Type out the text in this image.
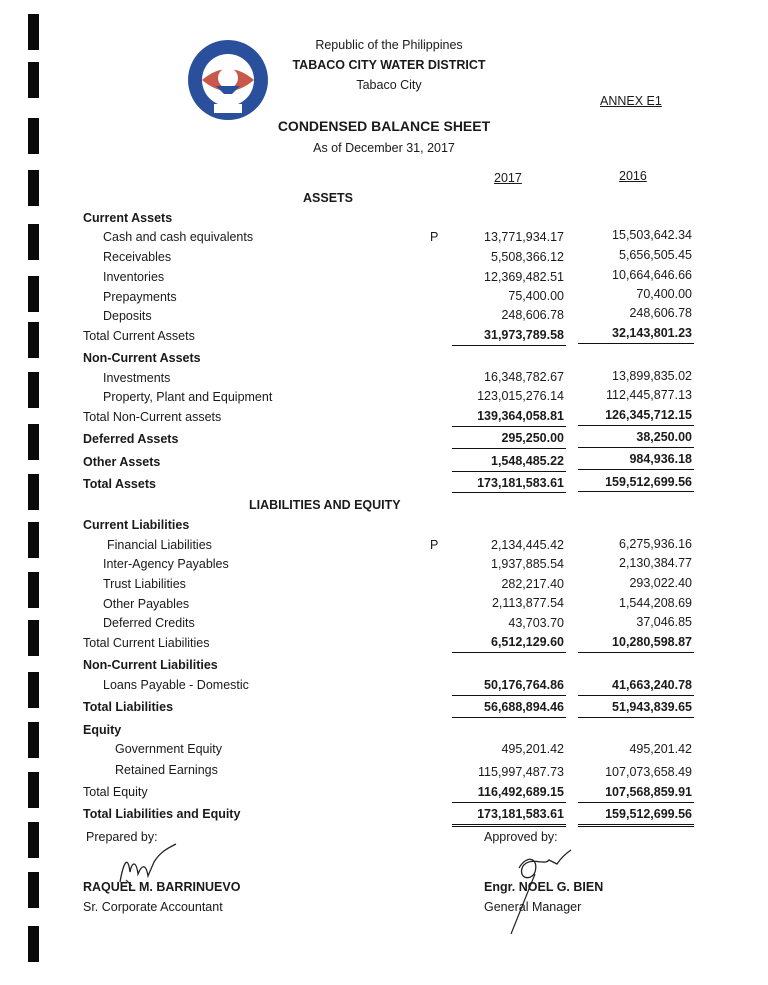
Republic of the Philippines
TABACO CITY WATER DISTRICT
Tabaco City
ANNEX E1
CONDENSED BALANCE SHEET
As of December 31, 2017
2017	2016
ASSETS
Current Assets
Cash and cash equivalents	P	13,771,934.17	15,503,642.34
Receivables	5,508,366.12	5,656,505.45
Inventories	12,369,482.51	10,664,646.66
Prepayments	75,400.00	70,400.00
Deposits	248,606.78	248,606.78
Total Current Assets	31,973,789.58	32,143,801.23
Non-Current Assets
Investments	16,348,782.67	13,899,835.02
Property, Plant and Equipment	123,015,276.14	112,445,877.13
Total Non-Current assets	139,364,058.81	126,345,712.15
Deferred Assets	295,250.00	38,250.00
Other Assets	1,548,485.22	984,936.18
Total Assets	173,181,583.61	159,512,699.56
LIABILITIES AND EQUITY
Current Liabilities
Financial Liabilities	P	2,134,445.42	6,275,936.16
Inter-Agency Payables	1,937,885.54	2,130,384.77
Trust Liabilities	282,217.40	293,022.40
Other Payables	2,113,877.54	1,544,208.69
Deferred Credits	43,703.70	37,046.85
Total Current Liabilities	6,512,129.60	10,280,598.87
Non-Current Liabilities
Loans Payable - Domestic	50,176,764.86	41,663,240.78
Total Liabilities	56,688,894.46	51,943,839.65
Equity
Government Equity	495,201.42	495,201.42
Retained Earnings	115,997,487.73	107,073,658.49
Total Equity	116,492,689.15	107,568,859.91
Total Liabilities and Equity	173,181,583.61	159,512,699.56
Prepared by:	Approved by:
RAQUEL M. BARRINUEVO
Sr. Corporate Accountant
Engr. NOEL G. BIEN
General Manager
